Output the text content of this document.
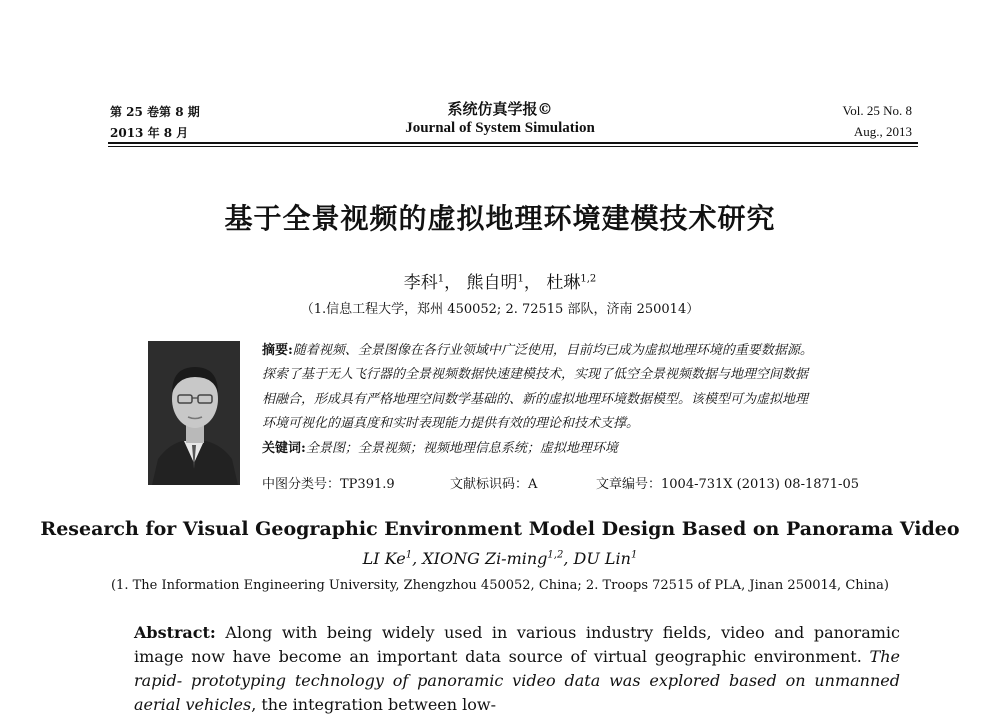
第 25 卷第 8 期
2013 年 8 月
系统仿真学报©
Journal of System Simulation
Vol. 25 No. 8
Aug., 2013
基于全景视频的虚拟地理环境建模技术研究
李科$^1$， 熊自明$^1$， 杜琳$^{1,2}$
（1.信息工程大学，郑州 450052; 2. 72515 部队，济南 250014）

摘要:随着视频、全景图像在各行业领域中广泛使用，目前均已成为虚拟地理环境的重要数据源。

探索了基于无人飞行器的全景视频数据快速建模技术，实现了低空全景视频数据与地理空间数据

相融合，形成具有严格地理空间数学基础的、新的虚拟地理环境数据模型。该模型可为虚拟地理

环境可视化的逼真度和实时表现能力提供有效的理论和技术支撑。

关键词:全景图；全景视频；视频地理信息系统；虚拟地理环境

中图分类号：TP391.9	文献标识码：A	文章编号：1004-731X (2013) 08-1871-05
Research for Visual Geographic Environment Model Design Based on Panorama Video
LI Ke$^1$, XIONG Zi-ming$^{1,2}$, DU Lin$^1$
(1. The Information Engineering University, Zhengzhou 450052, China; 2. Troops 72515 of PLA, Jinan 250014, China)
Abstract: Along with being widely used in various industry fields, video and panoramic image now have become an important data source of virtual geographic environment. The rapid- prototyping technology of panoramic video data was explored based on unmanned aerial vehicles, the integration between low-
